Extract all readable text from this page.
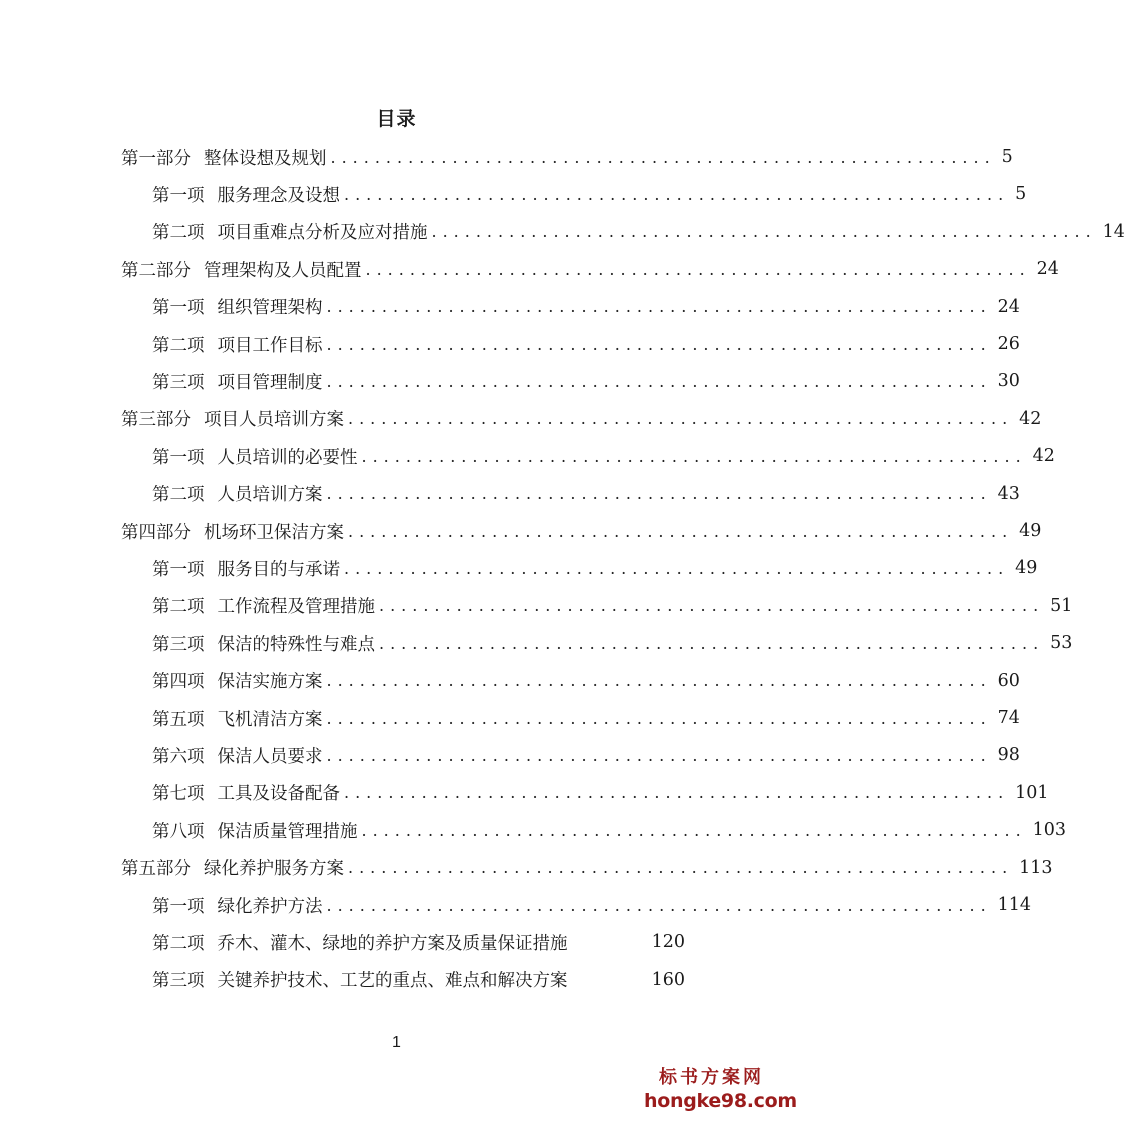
目录
第一部分 整体设想及规划 ............................................................ 5
第一项 服务理念及设想 ............................................................ 5
第二项 项目重难点分析及应对措施 ............................................................ 14
第二部分 管理架构及人员配置 ............................................................ 24
第一项 组织管理架构 ............................................................ 24
第二项 项目工作目标 ............................................................ 26
第三项 项目管理制度 ............................................................ 30
第三部分 项目人员培训方案 ............................................................ 42
第一项 人员培训的必要性 ............................................................ 42
第二项 人员培训方案 ............................................................ 43
第四部分 机场环卫保洁方案 ............................................................ 49
第一项 服务目的与承诺 ............................................................ 49
第二项 工作流程及管理措施 ............................................................ 51
第三项 保洁的特殊性与难点 ............................................................ 53
第四项 保洁实施方案 ............................................................ 60
第五项 飞机清洁方案 ............................................................ 74
第六项 保洁人员要求 ............................................................ 98
第七项 工具及设备配备 ............................................................ 101
第八项 保洁质量管理措施 ............................................................ 103
第五部分 绿化养护服务方案 ............................................................ 113
第一项 绿化养护方法 ............................................................ 114
第二项 乔木、灌木、绿地的养护方案及质量保证措施	120
第三项 关键养护技术、工艺的重点、难点和解决方案	160
1
标书方案网
hongke98.com
